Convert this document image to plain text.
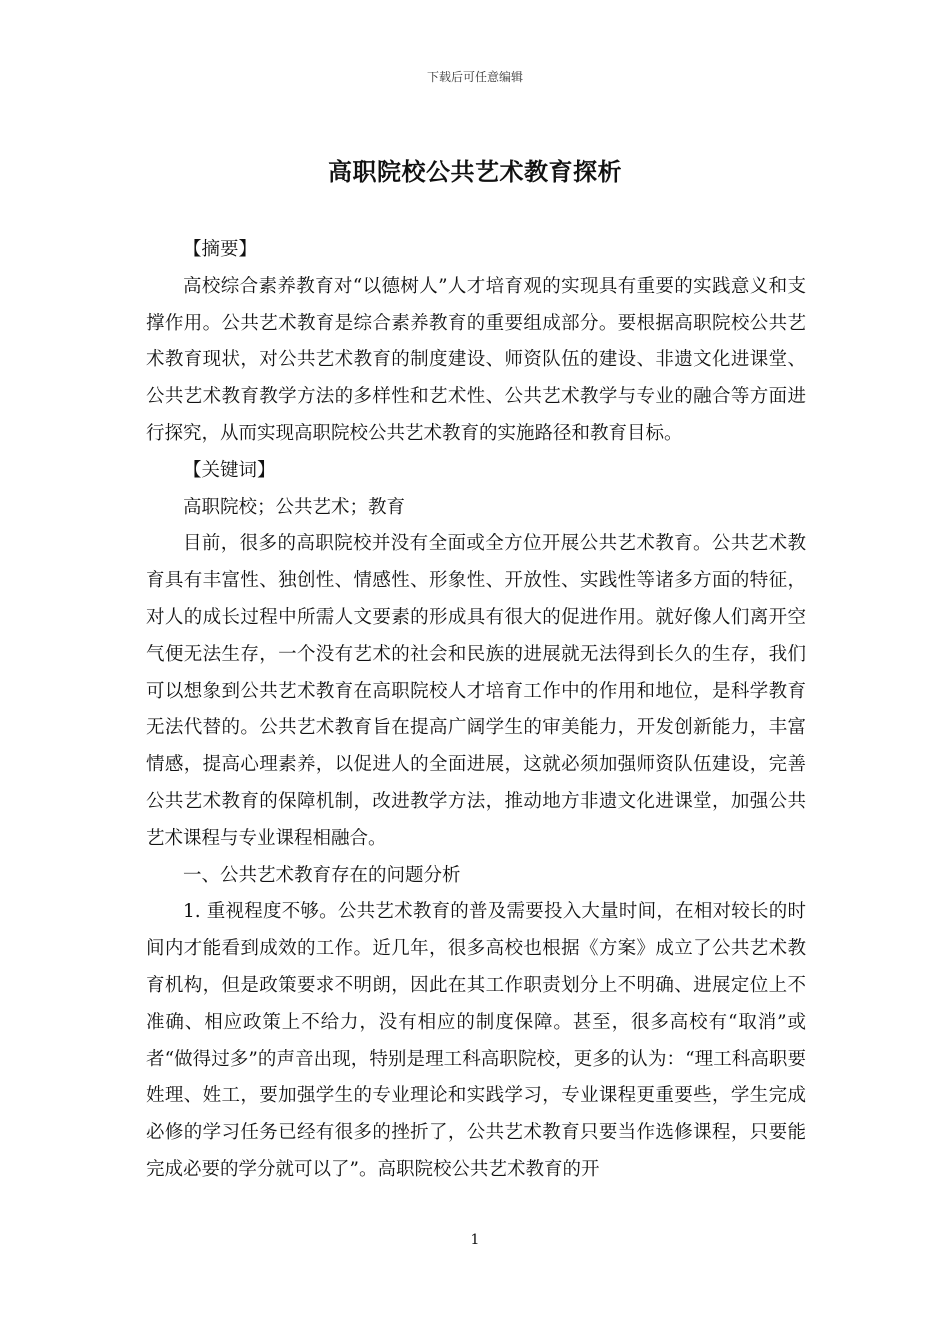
下载后可任意编辑
高职院校公共艺术教育探析

【摘要】

高校综合素养教育对“以德树人”人才培育观的实现具有重要的实践意义和支撑作用。公共艺术教育是综合素养教育的重要组成部分。要根据高职院校公共艺术教育现状，对公共艺术教育的制度建设、师资队伍的建设、非遗文化进课堂、公共艺术教育教学方法的多样性和艺术性、公共艺术教学与专业的融合等方面进行探究，从而实现高职院校公共艺术教育的实施路径和教育目标。

【关键词】

高职院校；公共艺术；教育

目前，很多的高职院校并没有全面或全方位开展公共艺术教育。公共艺术教育具有丰富性、独创性、情感性、形象性、开放性、实践性等诸多方面的特征，对人的成长过程中所需人文要素的形成具有很大的促进作用。就好像人们离开空气便无法生存，一个没有艺术的社会和民族的进展就无法得到长久的生存，我们可以想象到公共艺术教育在高职院校人才培育工作中的作用和地位，是科学教育无法代替的。公共艺术教育旨在提高广阔学生的审美能力，开发创新能力，丰富情感，提高心理素养，以促进人的全面进展，这就必须加强师资队伍建设，完善公共艺术教育的保障机制，改进教学方法，推动地方非遗文化进课堂，加强公共艺术课程与专业课程相融合。

一、公共艺术教育存在的问题分析

1. 重视程度不够。公共艺术教育的普及需要投入大量时间，在相对较长的时间内才能看到成效的工作。近几年，很多高校也根据《方案》成立了公共艺术教育机构，但是政策要求不明朗，因此在其工作职责划分上不明确、进展定位上不准确、相应政策上不给力，没有相应的制度保障。甚至，很多高校有“取消”或者“做得过多”的声音出现，特别是理工科高职院校，更多的认为：“理工科高职要姓理、姓工，要加强学生的专业理论和实践学习，专业课程更重要些，学生完成必修的学习任务已经有很多的挫折了，公共艺术教育只要当作选修课程，只要能完成必要的学分就可以了”。高职院校公共艺术教育的开

1
